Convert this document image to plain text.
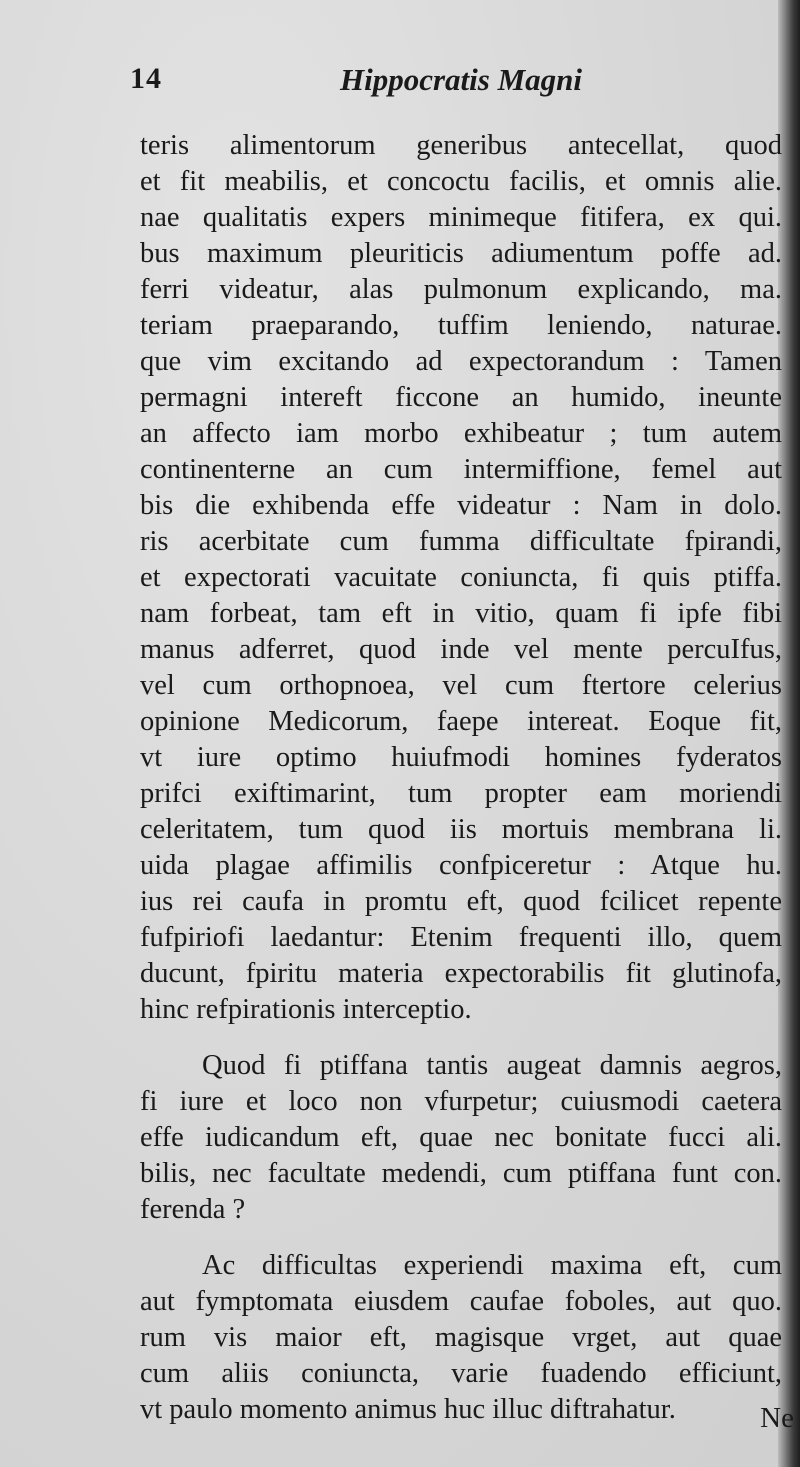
14	Hippocratis Magni
teris alimentorum generibus antecellat, quod
et fit meabilis, et concoctu facilis, et omnis alie.
nae qualitatis expers minimeque fitifera, ex qui.
bus maximum pleuriticis adiumentum poffe ad.
ferri videatur, alas pulmonum explicando, ma.
teriam praeparando, tuffim leniendo, naturae.
que vim excitando ad expectorandum : Tamen
permagni intereft ficcone an humido, ineunte
an affecto iam morbo exhibeatur ; tum autem
continenterne an cum intermiffione, femel aut
bis die exhibenda effe videatur : Nam in dolo.
ris acerbitate cum fumma difficultate fpirandi,
et expectorati vacuitate coniuncta, fi quis ptiffa.
nam forbeat, tam eft in vitio, quam fi ipfe fibi
manus adferret, quod inde vel mente percuIfus,
vel cum orthopnoea, vel cum ftertore celerius
opinione Medicorum, faepe intereat. Eoque fit,
vt iure optimo huiufmodi homines fyderatos
prifci exiftimarint, tum propter eam moriendi
celeritatem, tum quod iis mortuis membrana li.
uida plagae affimilis confpiceretur : Atque hu.
ius rei caufa in promtu eft, quod fcilicet repente
fufpiriofi laedantur: Etenim frequenti illo, quem
ducunt, fpiritu materia expectorabilis fit glutinofa,
hinc refpirationis interceptio.
Quod fi ptiffana tantis augeat damnis aegros,
fi iure et loco non vfurpetur; cuiusmodi caetera
effe iudicandum eft, quae nec bonitate fucci ali.
bilis, nec facultate medendi, cum ptiffana funt con.
ferenda ?
Ac difficultas experiendi maxima eft, cum
aut fymptomata eiusdem caufae foboles, aut quo.
rum vis maior eft, magisque vrget, aut quae
cum aliis coniuncta, varie fuadendo efficiunt,
vt paulo momento animus huc illuc diftrahatur.	Ne
